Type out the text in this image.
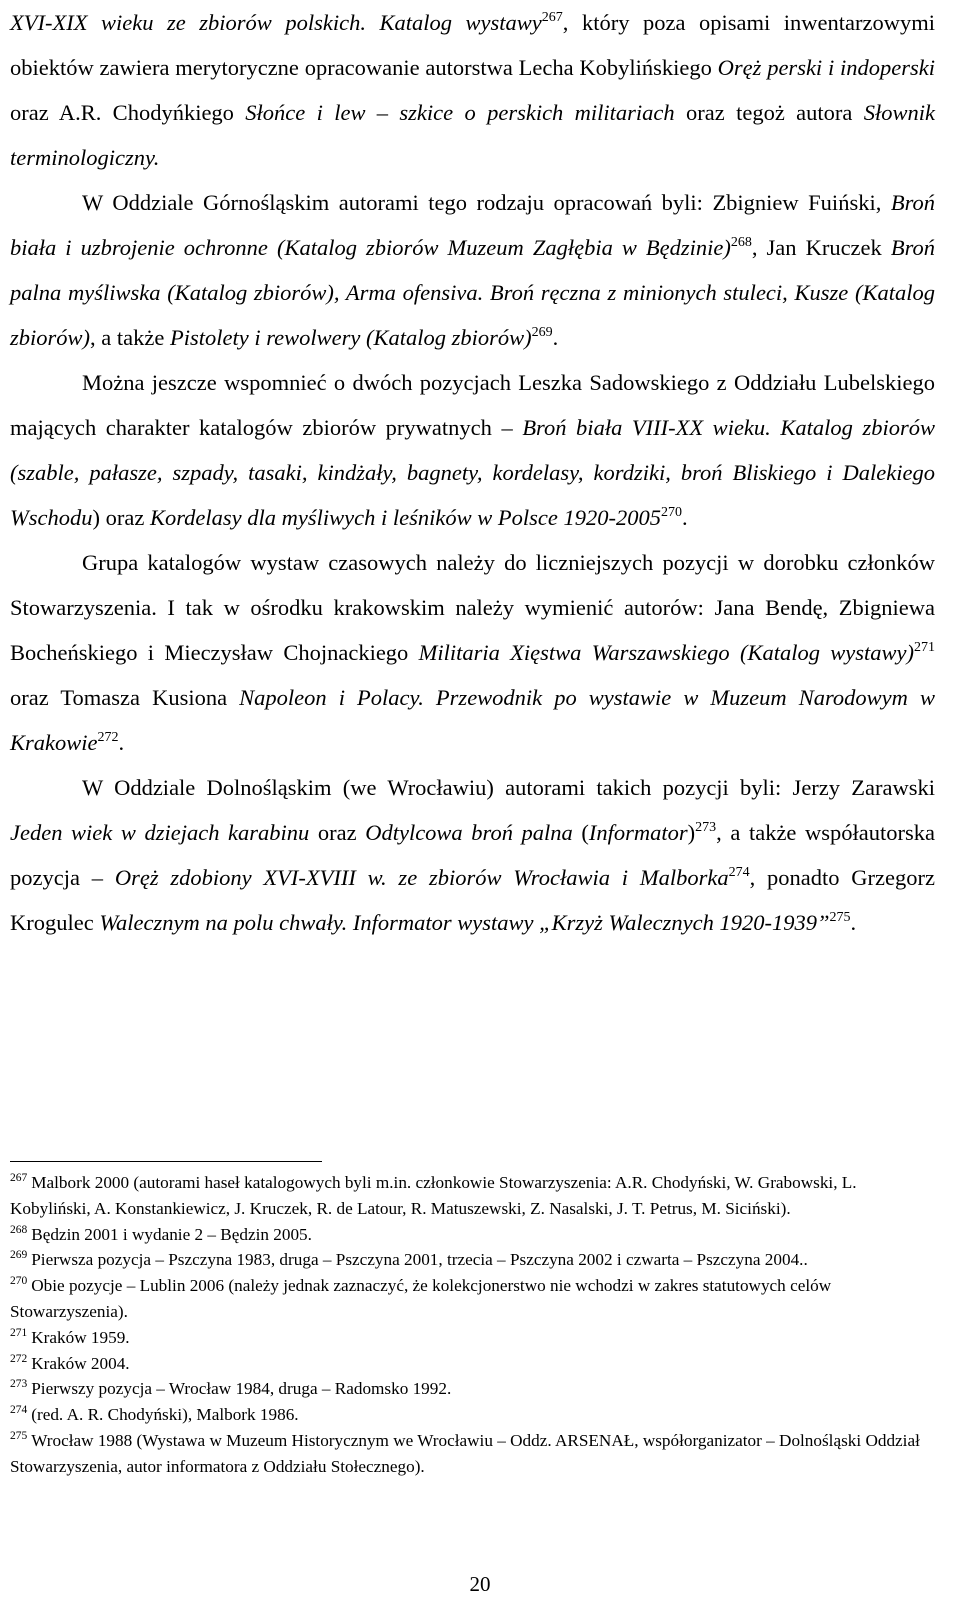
XVI-XIX wieku ze zbiorów polskich. Katalog wystawy$^{267}$, który poza opisami inwentarzowymi obiektów zawiera merytoryczne opracowanie autorstwa Lecha Kobylińskiego Oręż perski i indoperski oraz A.R. Chodyńkiego Słońce i lew – szkice o perskich militariach oraz tegoż autora Słownik terminologiczny.

W Oddziale Górnośląskim autorami tego rodzaju opracowań byli: Zbigniew Fuiński, Broń biała i uzbrojenie ochronne (Katalog zbiorów Muzeum Zagłębia w Będzinie)$^{268}$, Jan Kruczek Broń palna myśliwska (Katalog zbiorów), Arma ofensiva. Broń ręczna z minionych stuleci, Kusze (Katalog zbiorów), a także Pistolety i rewolwery (Katalog zbiorów)$^{269}$.

Można jeszcze wspomnieć o dwóch pozycjach Leszka Sadowskiego z Oddziału Lubelskiego mających charakter katalogów zbiorów prywatnych – Broń biała VIII-XX wieku. Katalog zbiorów (szable, pałasze, szpady, tasaki, kindżały, bagnety, kordelasy, kordziki, broń Bliskiego i Dalekiego Wschodu) oraz Kordelasy dla myśliwych i leśników w Polsce 1920-2005$^{270}$.

Grupa katalogów wystaw czasowych należy do liczniejszych pozycji w dorobku członków Stowarzyszenia. I tak w ośrodku krakowskim należy wymienić autorów: Jana Bendę, Zbigniewa Bocheńskiego i Mieczysław Chojnackiego Militaria Xięstwa Warszawskiego (Katalog wystawy)$^{271}$ oraz Tomasza Kusiona Napoleon i Polacy. Przewodnik po wystawie w Muzeum Narodowym w Krakowie$^{272}$.

W Oddziale Dolnośląskim (we Wrocławiu) autorami takich pozycji byli: Jerzy Zarawski Jeden wiek w dziejach karabinu oraz Odtylcowa broń palna (Informator)$^{273}$, a także współautorska pozycja – Oręż zdobiony XVI-XVIII w. ze zbiorów Wrocławia i Malborka$^{274}$, ponadto Grzegorz Krogulec Walecznym na polu chwały. Informator wystawy „Krzyż Walecznych 1920-1939”$^{275}$.

$^{267}$ Malbork 2000 (autorami haseł katalogowych byli m.in. członkowie Stowarzyszenia: A.R. Chodyński, W. Grabowski, L. Kobyliński, A. Konstankiewicz, J. Kruczek, R. de Latour, R. Matuszewski, Z. Nasalski, J. T. Petrus, M. Siciński).

$^{268}$ Będzin 2001 i wydanie 2 – Będzin 2005.

$^{269}$ Pierwsza pozycja – Pszczyna 1983, druga – Pszczyna 2001, trzecia – Pszczyna 2002 i czwarta – Pszczyna 2004..

$^{270}$ Obie pozycje – Lublin 2006 (należy jednak zaznaczyć, że kolekcjonerstwo nie wchodzi w zakres statutowych celów Stowarzyszenia).

$^{271}$ Kraków 1959.

$^{272}$ Kraków 2004.

$^{273}$ Pierwszy pozycja – Wrocław 1984, druga – Radomsko 1992.

$^{274}$ (red. A. R. Chodyński), Malbork 1986.

$^{275}$ Wrocław 1988 (Wystawa w Muzeum Historycznym we Wrocławiu – Oddz. ARSENAŁ, współorganizator – Dolnośląski Oddział Stowarzyszenia, autor informatora z Oddziału Stołecznego).

20
